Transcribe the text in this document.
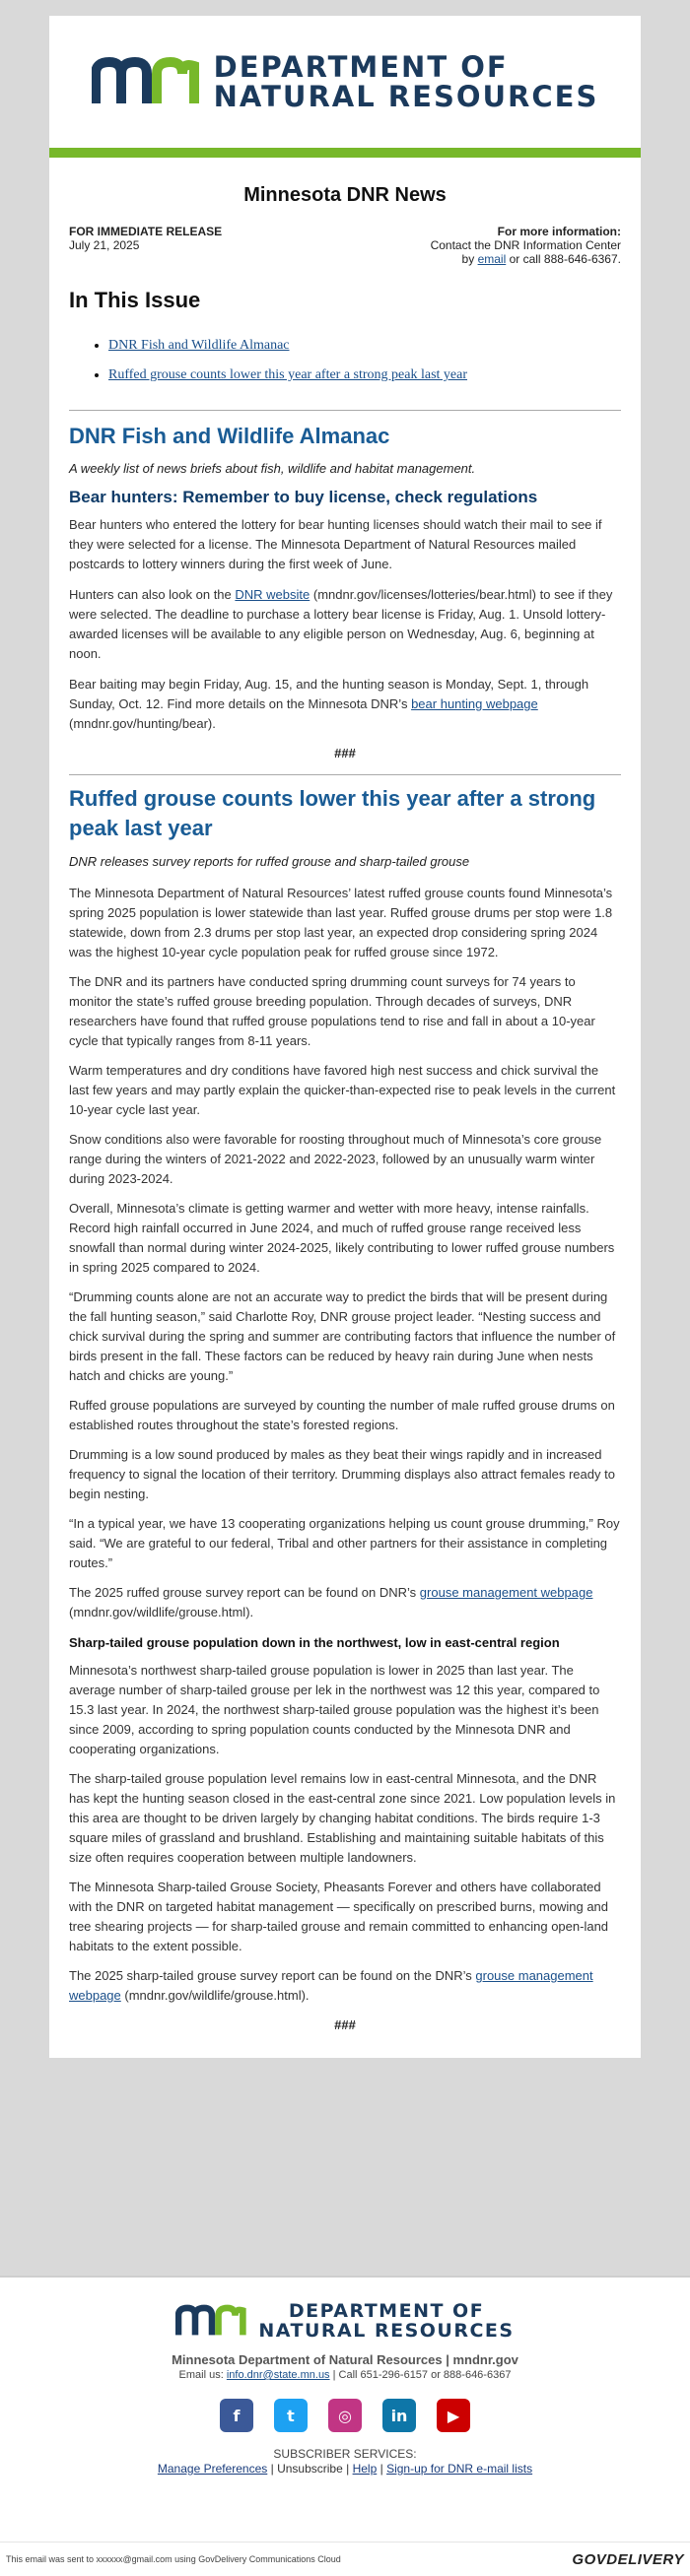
DEPARTMENT OF
NATURAL RESOURCES
Minnesota DNR News
FOR IMMEDIATE RELEASE
July 21, 2025
For more information:
Contact the DNR Information Center
by email or call 888-646-6367.
In This Issue
• DNR Fish and Wildlife Almanac
• Ruffed grouse counts lower this year after a strong peak last year
DNR Fish and Wildlife Almanac
A weekly list of news briefs about fish, wildlife and habitat management.
Bear hunters: Remember to buy license, check regulations

Bear hunters who entered the lottery for bear hunting licenses should watch their mail to see if they were selected for a license. The Minnesota Department of Natural Resources mailed postcards to lottery winners during the first week of June.

Hunters can also look on the DNR website (mndnr.gov/licenses/lotteries/bear.html) to see if they were selected. The deadline to purchase a lottery bear license is Friday, Aug. 1. Unsold lottery-awarded licenses will be available to any eligible person on Wednesday, Aug. 6, beginning at noon.

Bear baiting may begin Friday, Aug. 15, and the hunting season is Monday, Sept. 1, through Sunday, Oct. 12. Find more details on the Minnesota DNR’s bear hunting webpage (mndnr.gov/hunting/bear).

###
Ruffed grouse counts lower this year after a strong peak last year
DNR releases survey reports for ruffed grouse and sharp-tailed grouse

The Minnesota Department of Natural Resources’ latest ruffed grouse counts found Minnesota’s spring 2025 population is lower statewide than last year. Ruffed grouse drums per stop were 1.8 statewide, down from 2.3 drums per stop last year, an expected drop considering spring 2024 was the highest 10-year cycle population peak for ruffed grouse since 1972.

The DNR and its partners have conducted spring drumming count surveys for 74 years to monitor the state’s ruffed grouse breeding population. Through decades of surveys, DNR researchers have found that ruffed grouse populations tend to rise and fall in about a 10-year cycle that typically ranges from 8-11 years.

Warm temperatures and dry conditions have favored high nest success and chick survival the last few years and may partly explain the quicker-than-expected rise to peak levels in the current 10-year cycle last year.

Snow conditions also were favorable for roosting throughout much of Minnesota’s core grouse range during the winters of 2021-2022 and 2022-2023, followed by an unusually warm winter during 2023-2024.

Overall, Minnesota’s climate is getting warmer and wetter with more heavy, intense rainfalls. Record high rainfall occurred in June 2024, and much of ruffed grouse range received less snowfall than normal during winter 2024-2025, likely contributing to lower ruffed grouse numbers in spring 2025 compared to 2024.

“Drumming counts alone are not an accurate way to predict the birds that will be present during the fall hunting season,” said Charlotte Roy, DNR grouse project leader. “Nesting success and chick survival during the spring and summer are contributing factors that influence the number of birds present in the fall. These factors can be reduced by heavy rain during June when nests hatch and chicks are young.”

Ruffed grouse populations are surveyed by counting the number of male ruffed grouse drums on established routes throughout the state’s forested regions.

Drumming is a low sound produced by males as they beat their wings rapidly and in increased frequency to signal the location of their territory. Drumming displays also attract females ready to begin nesting.

“In a typical year, we have 13 cooperating organizations helping us count grouse drumming,” Roy said. “We are grateful to our federal, Tribal and other partners for their assistance in completing routes.”

The 2025 ruffed grouse survey report can be found on DNR’s grouse management webpage (mndnr.gov/wildlife/grouse.html).

Sharp-tailed grouse population down in the northwest, low in east-central region

Minnesota’s northwest sharp-tailed grouse population is lower in 2025 than last year. The average number of sharp-tailed grouse per lek in the northwest was 12 this year, compared to 15.3 last year. In 2024, the northwest sharp-tailed grouse population was the highest it’s been since 2009, according to spring population counts conducted by the Minnesota DNR and cooperating organizations.

The sharp-tailed grouse population level remains low in east-central Minnesota, and the DNR has kept the hunting season closed in the east-central zone since 2021. Low population levels in this area are thought to be driven largely by changing habitat conditions. The birds require 1-3 square miles of grassland and brushland. Establishing and maintaining suitable habitats of this size often requires cooperation between multiple landowners.

The Minnesota Sharp-tailed Grouse Society, Pheasants Forever and others have collaborated with the DNR on targeted habitat management — specifically on prescribed burns, mowing and tree shearing projects — for sharp-tailed grouse and remain committed to enhancing open-land habitats to the extent possible.

The 2025 sharp-tailed grouse survey report can be found on the DNR’s grouse management webpage (mndnr.gov/wildlife/grouse.html).

###
DEPARTMENT OF
NATURAL RESOURCES
Minnesota Department of Natural Resources | mndnr.gov
Email us: info.dnr@state.mn.us | Call 651-296-6157 or 888-646-6367
f	t	◎	in	▶
SUBSCRIBER SERVICES:
Manage Preferences | Unsubscribe | Help | Sign-up for DNR e-mail lists
This email was sent to xxxxxx@gmail.com using GovDelivery Communications Cloud	GOVDELIVERY
